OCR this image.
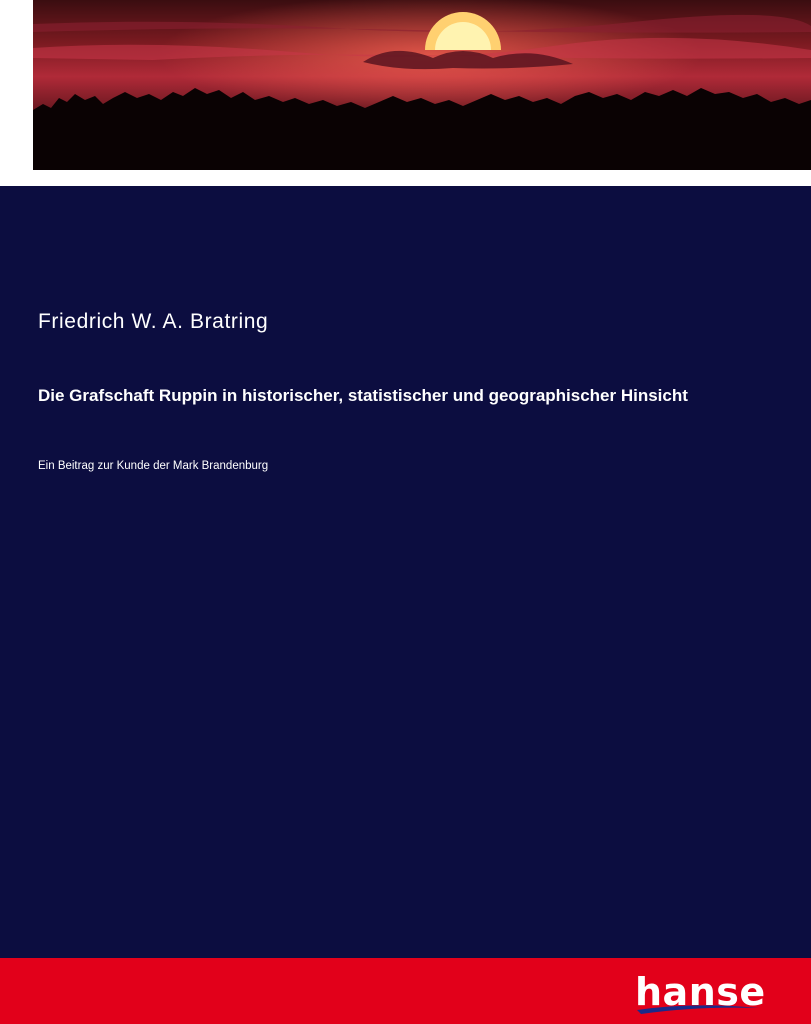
Friedrich W. A. Bratring
Die Grafschaft Ruppin in historischer, statistischer und geographischer Hinsicht
Ein Beitrag zur Kunde der Mark Brandenburg
hanse
